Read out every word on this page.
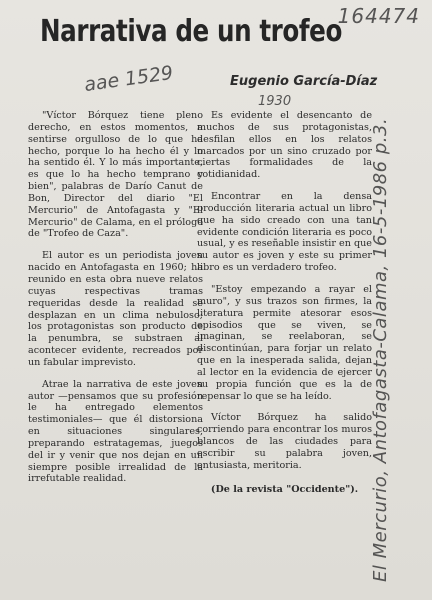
Narrativa de un trofeo
Eugenio García-Díaz
164474
aae 1529
1930
El Mercurio, Antofagasta-Calama, 16-5-1986 p.3.

"Víctor Bórquez tiene pleno derecho, en estos momentos, a sentirse orgulloso de lo que ha hecho, porque lo ha hecho él y lo ha sentido él. Y lo más importante, es que lo ha hecho temprano y bien", palabras de Darío Canut de Bon, Director del diario "El Mercurio" de Antofagasta y "El Mercurio" de Calama, en el prólogo de "Trofeo de Caza".

El autor es un periodista joven nacido en Antofagasta en 1960; ha reunido en esta obra nueve relatos cuyas respectivas tramas requeridas desde la realidad se desplazan en un clima nebuloso; los protagonistas son producto de la penumbra, se substraen al acontecer evidente, recreados por un fabular imprevisto.

Atrae la narrativa de este joven autor —pensamos que su profesión le ha entregado elementos testimoniales— que él distorsiona en situaciones singulares, preparando estratagemas, juegos del ir y venir que nos dejan en un siempre posible irrealidad de la irrefutable realidad.

Es evidente el desencanto de muchos de sus protagonistas, desfilan ellos en los relatos marcados por un sino cruzado por ciertas formalidades de la cotidianidad.

Encontrar en la densa producción literaria actual un libro que ha sido creado con una tan evidente condición literaria es poco usual, y es reseñable insistir en que su autor es joven y este su primer libro es un verdadero trofeo.

"Estoy empezando a rayar el muro", y sus trazos son firmes, la literatura permite atesorar esos episodios que se viven, se imaginan, se reelaboran, se discontinúan, para forjar un relato que en la inesperada salida, dejan al lector en la evidencia de ejercer su propia función que es la de repensar lo que se ha leído.

Víctor Bórquez ha salido corriendo para encontrar los muros blancos de las ciudades para escribir su palabra joven, entusiasta, meritoria.

(De la revista "Occidente").
